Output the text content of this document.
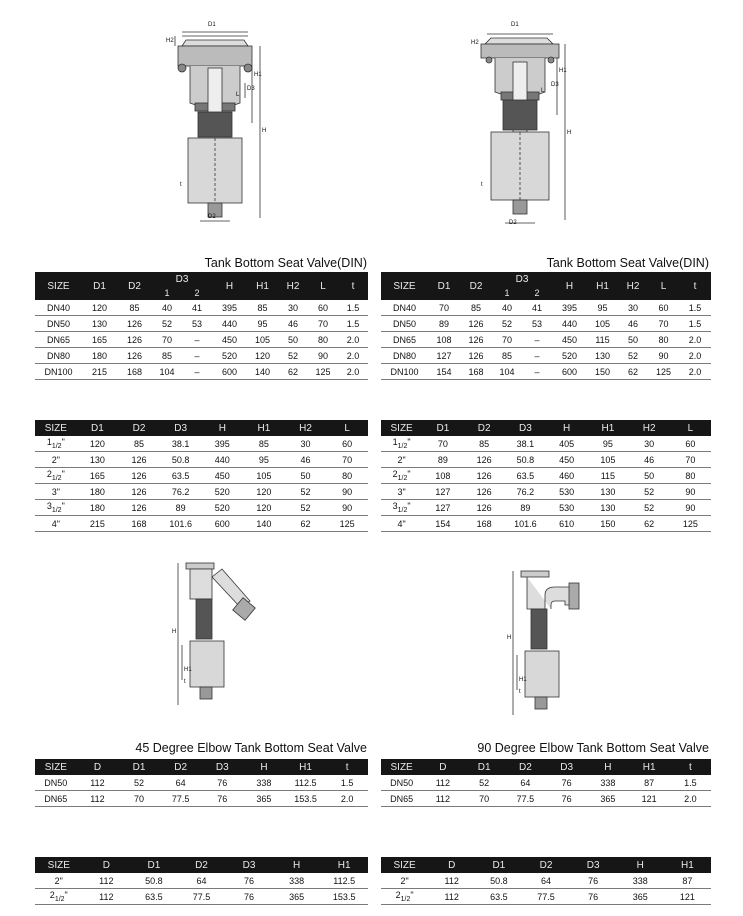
D1
H2
H1
H
D3
D2
L
t
D1
H2
H1
H
D3
D2
L
t
Tank Bottom Seat Valve(DIN)	Tank Bottom Seat Valve(DIN)
SIZE	D1	D2	D3		H	H1	H2	L	t
			1	2					
DN40	120	85	40	41	395	85	30	60	1.5
DN50	130	126	52	53	440	95	46	70	1.5
DN65	165	126	70	–	450	105	50	80	2.0
DN80	180	126	85	–	520	120	52	90	2.0
DN100	215	168	104	–	600	140	62	125	2.0
SIZE	D1	D2	D3		H	H1	H2	L	t
			1	2					
DN40	70	85	40	41	395	95	30	60	1.5
DN50	89	126	52	53	440	105	46	70	1.5
DN65	108	126	70	–	450	115	50	80	2.0
DN80	127	126	85	–	520	130	52	90	2.0
DN100	154	168	104	–	600	150	62	125	2.0
SIZE	D1	D2	D3	H	H1	H2	L
$1_{1/2}$"	120	85	38.1	395	85	30	60
2"	130	126	50.8	440	95	46	70
$2_{1/2}$"	165	126	63.5	450	105	50	80
3"	180	126	76.2	520	120	52	90
$3_{1/2}$"	180	126	89	520	120	52	90
4"	215	168	101.6	600	140	62	125
SIZE	D1	D2	D3	H	H1	H2	L
$1_{1/2}$"	70	85	38.1	405	95	30	60
2"	89	126	50.8	450	105	46	70
$2_{1/2}$"	108	126	63.5	460	115	50	80
3"	127	126	76.2	530	130	52	90
$3_{1/2}$"	127	126	89	530	130	52	90
4"	154	168	101.6	610	150	62	125
H
H1
t
H
H1
t
45 Degree Elbow Tank Bottom Seat Valve	90 Degree Elbow Tank Bottom Seat Valve
SIZE	D	D1	D2	D3	H	H1	t
DN50	112	52	64	76	338	112.5	1.5
DN65	112	70	77.5	76	365	153.5	2.0
SIZE	D	D1	D2	D3	H	H1	t
DN50	112	52	64	76	338	87	1.5
DN65	112	70	77.5	76	365	121	2.0
SIZE	D	D1	D2	D3	H	H1
2"	112	50.8	64	76	338	112.5
$2_{1/2}$"	112	63.5	77.5	76	365	153.5
SIZE	D	D1	D2	D3	H	H1
2"	112	50.8	64	76	338	87
$2_{1/2}$"	112	63.5	77.5	76	365	121
